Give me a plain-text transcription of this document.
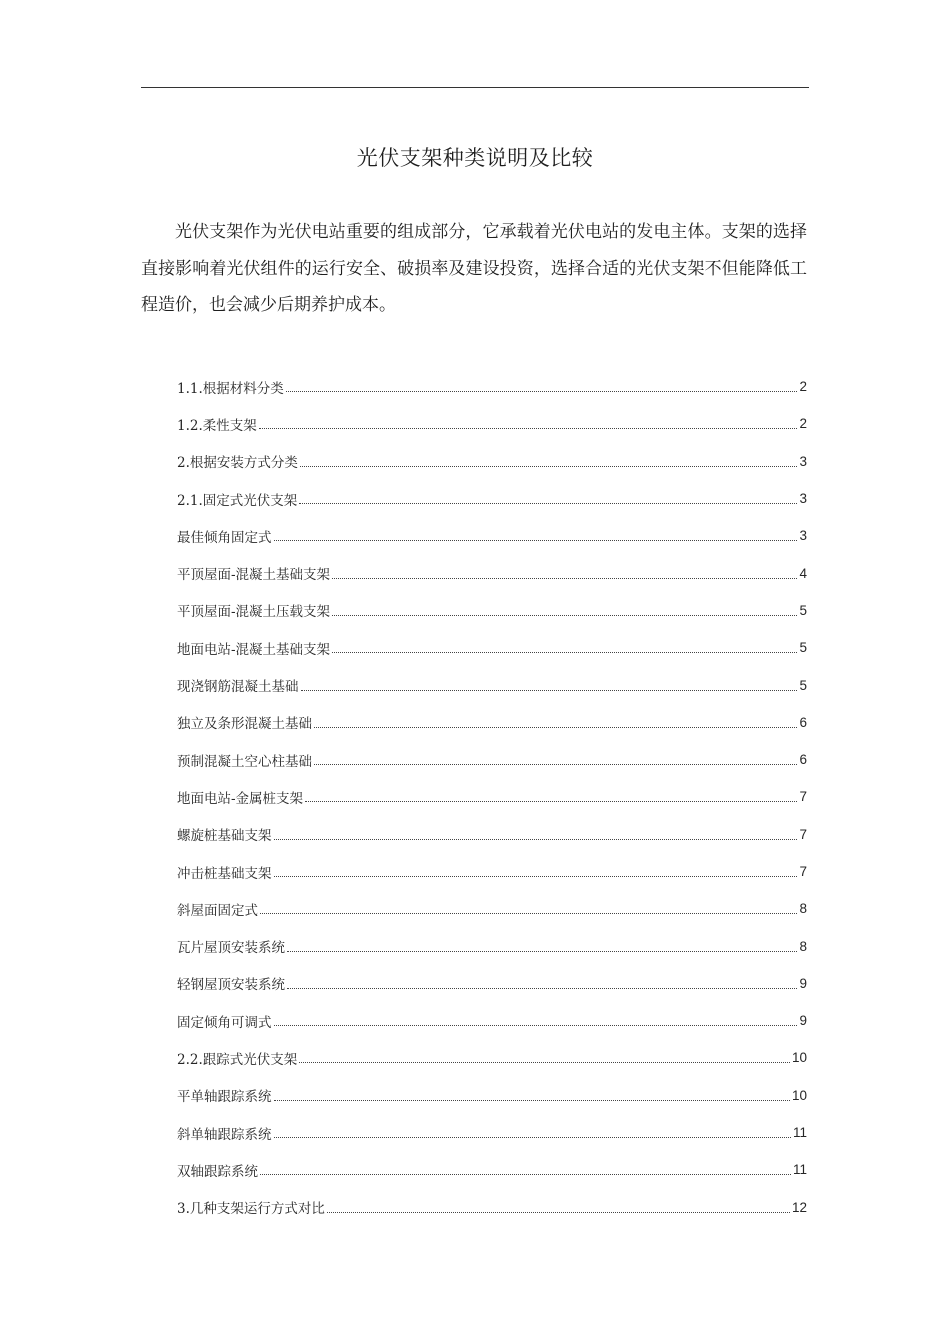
光伏支架种类说明及比较

光伏支架作为光伏电站重要的组成部分，它承载着光伏电站的发电主体。支架的选择直接影响着光伏组件的运行安全、破损率及建设投资，选择合适的光伏支架不但能降低工程造价，也会减少后期养护成本。

1.1.根据材料分类	2
1.2.柔性支架	2
2.根据安装方式分类	3
2.1.固定式光伏支架	3
最佳倾角固定式	3
平顶屋面-混凝土基础支架	4
平顶屋面-混凝土压载支架	5
地面电站-混凝土基础支架	5
现浇钢筋混凝土基础	5
独立及条形混凝土基础	6
预制混凝土空心柱基础	6
地面电站-金属桩支架	7
螺旋桩基础支架	7
冲击桩基础支架	7
斜屋面固定式	8
瓦片屋顶安装系统	8
轻钢屋顶安装系统	9
固定倾角可调式	9
2.2.跟踪式光伏支架	10
平单轴跟踪系统	10
斜单轴跟踪系统	11
双轴跟踪系统	11
3.几种支架运行方式对比	12
